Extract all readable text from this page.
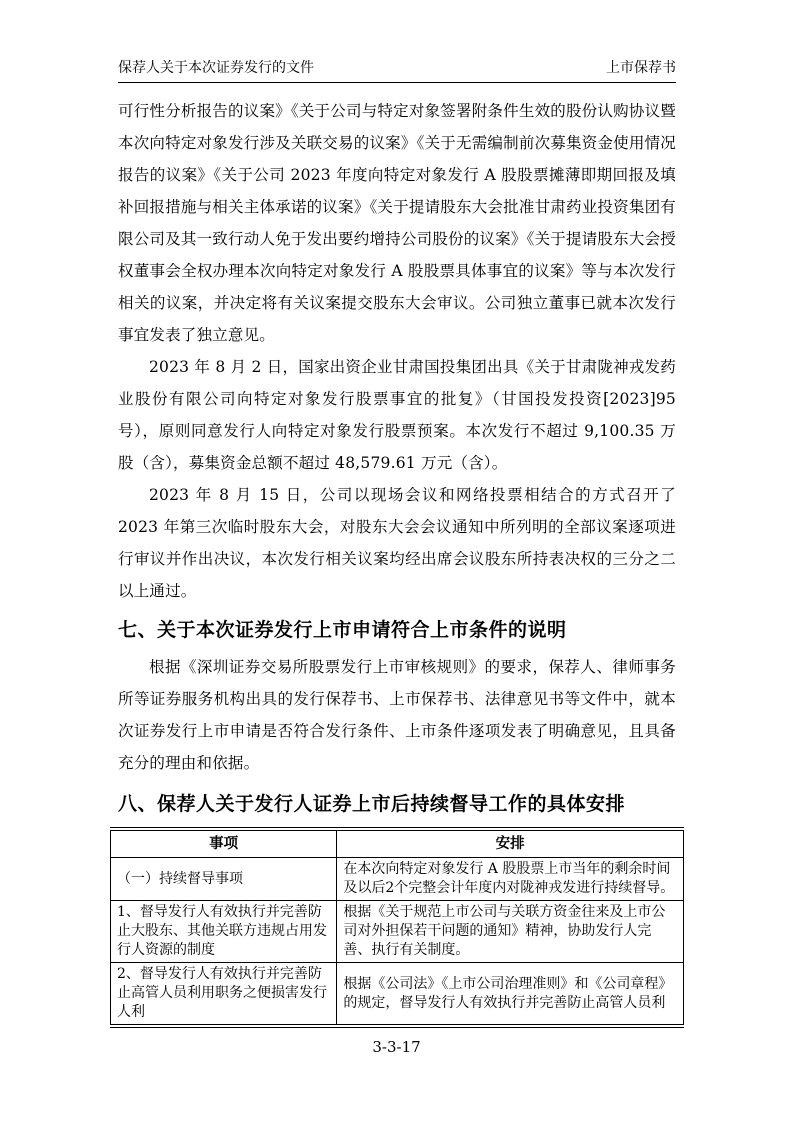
保荐人关于本次证券发行的文件	上市保荐书

可行性分析报告的议案》《关于公司与特定对象签署附条件生效的股份认购协议暨本次向特定对象发行涉及关联交易的议案》《关于无需编制前次募集资金使用情况报告的议案》《关于公司 2023 年度向特定对象发行 A 股股票摊薄即期回报及填补回报措施与相关主体承诺的议案》《关于提请股东大会批准甘肃药业投资集团有限公司及其一致行动人免于发出要约增持公司股份的议案》《关于提请股东大会授权董事会全权办理本次向特定对象发行 A 股股票具体事宜的议案》等与本次发行相关的议案，并决定将有关议案提交股东大会审议。公司独立董事已就本次发行事宜发表了独立意见。

2023 年 8 月 2 日，国家出资企业甘肃国投集团出具《关于甘肃陇神戎发药业股份有限公司向特定对象发行股票事宜的批复》（甘国投发投资[2023]95 号），原则同意发行人向特定对象发行股票预案。本次发行不超过 9,100.35 万股（含），募集资金总额不超过 48,579.61 万元（含）。

2023 年 8 月 15 日，公司以现场会议和网络投票相结合的方式召开了 2023 年第三次临时股东大会，对股东大会会议通知中所列明的全部议案逐项进行审议并作出决议，本次发行相关议案均经出席会议股东所持表决权的三分之二以上通过。

七、关于本次证券发行上市申请符合上市条件的说明

根据《深圳证券交易所股票发行上市审核规则》的要求，保荐人、律师事务所等证券服务机构出具的发行保荐书、上市保荐书、法律意见书等文件中，就本次证券发行上市申请是否符合发行条件、上市条件逐项发表了明确意见，且具备充分的理由和依据。

八、保荐人关于发行人证券上市后持续督导工作的具体安排
事项	安排
（一）持续督导事项	在本次向特定对象发行 A 股股票上市当年的剩余时间及以后2个完整会计年度内对陇神戎发进行持续督导。
1、督导发行人有效执行并完善防止大股东、其他关联方违规占用发行人资源的制度	根据《关于规范上市公司与关联方资金往来及上市公司对外担保若干问题的通知》精神，协助发行人完善、执行有关制度。
2、督导发行人有效执行并完善防止高管人员利用职务之便损害发行人利	根据《公司法》《上市公司治理准则》和《公司章程》的规定，督导发行人有效执行并完善防止高管人员利
3-3-17
